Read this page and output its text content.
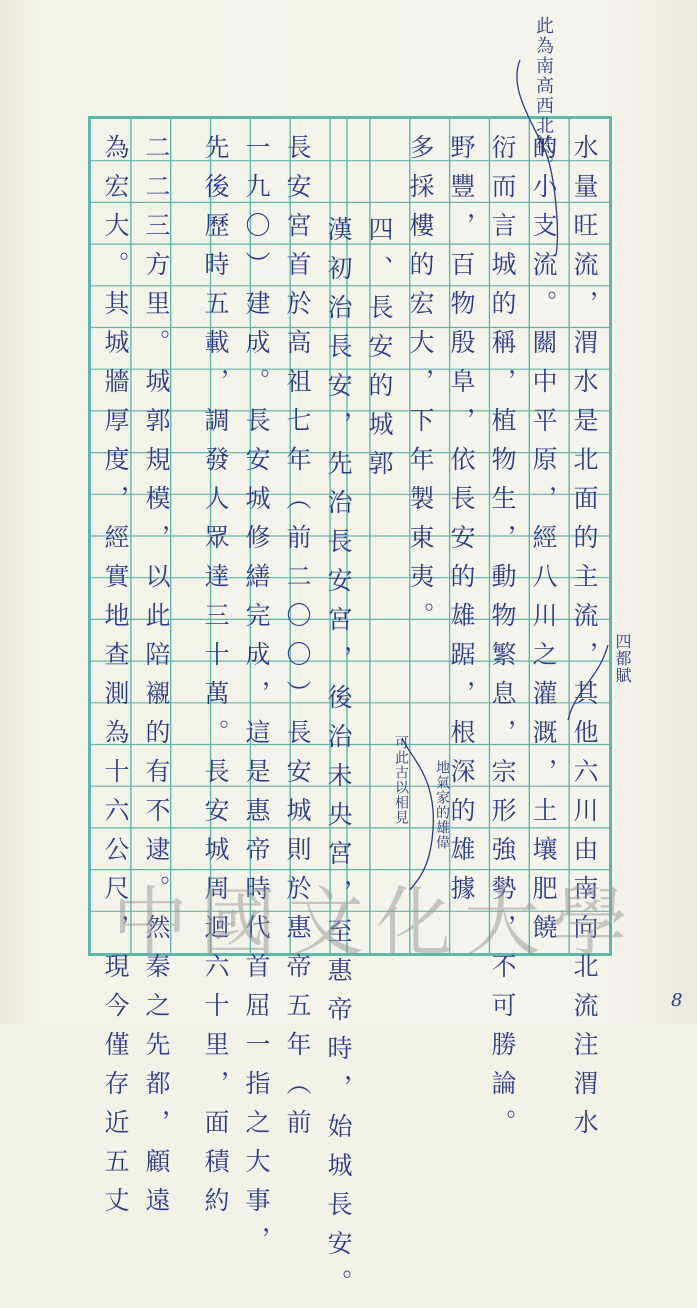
水量旺流，渭水是北面的主流，其他六川由南向北流注渭水
的小支流。關中平原，經八川之灌溉，土壤肥饒
衍而言城的稱，植物生，動物繁息，宗形強勢，不可勝論。
野豐，百物殷阜，依長安的雄踞，根深的雄據
多採樓的宏大，下年製東夷。
四、長安的城郭
漢初治長安，先治長安宮，後治未央宮，至惠帝時，始城長安。
長安宮首於高祖七年（前二〇〇）長安城則於惠帝五年（前
一九〇）建成。長安城修繕完成，這是惠帝時代首屈一指之大事，
先後歷時五載，調發人眾達三十萬。長安城周迴六十里，面積約
二二三方里。城郭規模，以此陪襯的有不逮。然秦之先都，顧遠
為宏大。其城牆厚度，經實地查測為十六公尺，現今僅存近五丈
此為南高西北低。
四都賦
可此古以相見 地氣家的雄偉
中國文化大學
8
